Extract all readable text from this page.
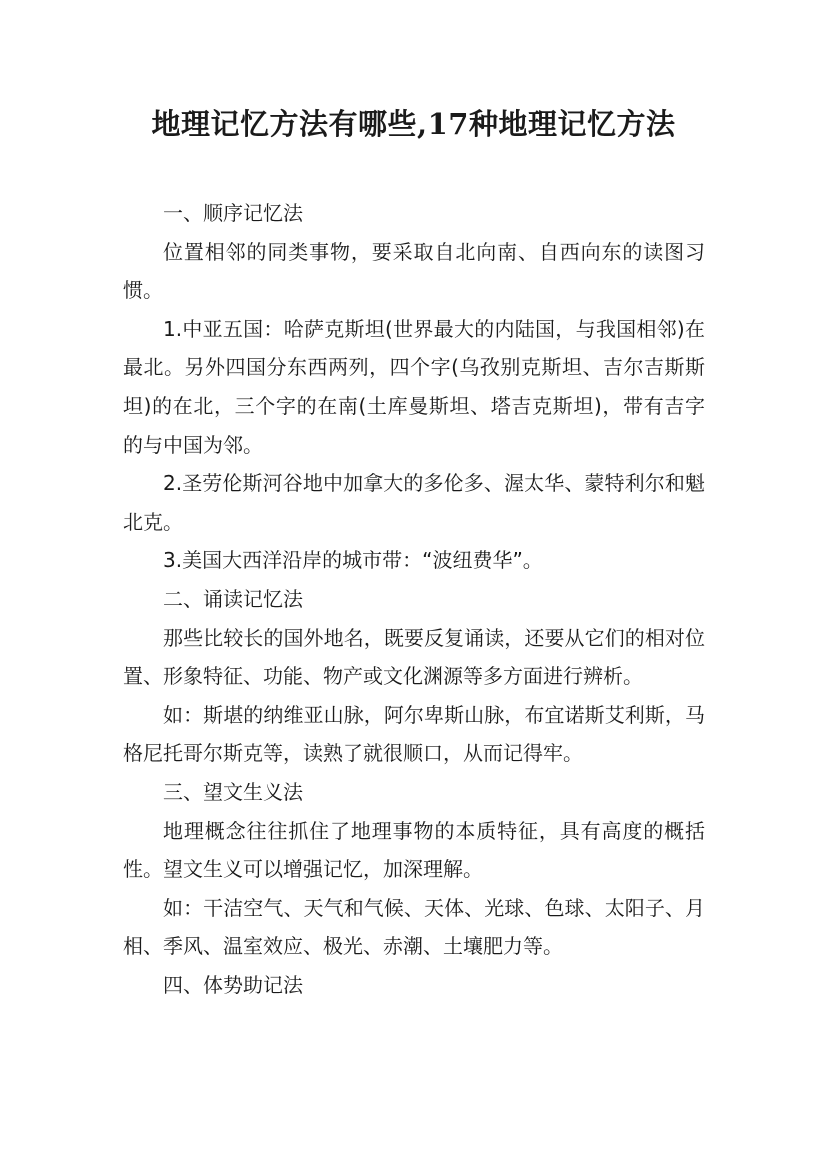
地理记忆方法有哪些,17种地理记忆方法

一、顺序记忆法

位置相邻的同类事物，要采取自北向南、自西向东的读图习惯。

1.中亚五国：哈萨克斯坦(世界最大的内陆国，与我国相邻)在最北。另外四国分东西两列，四个字(乌孜别克斯坦、吉尔吉斯斯坦)的在北，三个字的在南(土库曼斯坦、塔吉克斯坦)，带有吉字的与中国为邻。

2.圣劳伦斯河谷地中加拿大的多伦多、渥太华、蒙特利尔和魁北克。

3.美国大西洋沿岸的城市带：“波纽费华”。

二、诵读记忆法

那些比较长的国外地名，既要反复诵读，还要从它们的相对位置、形象特征、功能、物产或文化渊源等多方面进行辨析。

如：斯堪的纳维亚山脉，阿尔卑斯山脉，布宜诺斯艾利斯，马格尼托哥尔斯克等，读熟了就很顺口，从而记得牢。

三、望文生义法

地理概念往往抓住了地理事物的本质特征，具有高度的概括性。望文生义可以增强记忆，加深理解。

如：干洁空气、天气和气候、天体、光球、色球、太阳子、月相、季风、温室效应、极光、赤潮、土壤肥力等。

四、体势助记法
